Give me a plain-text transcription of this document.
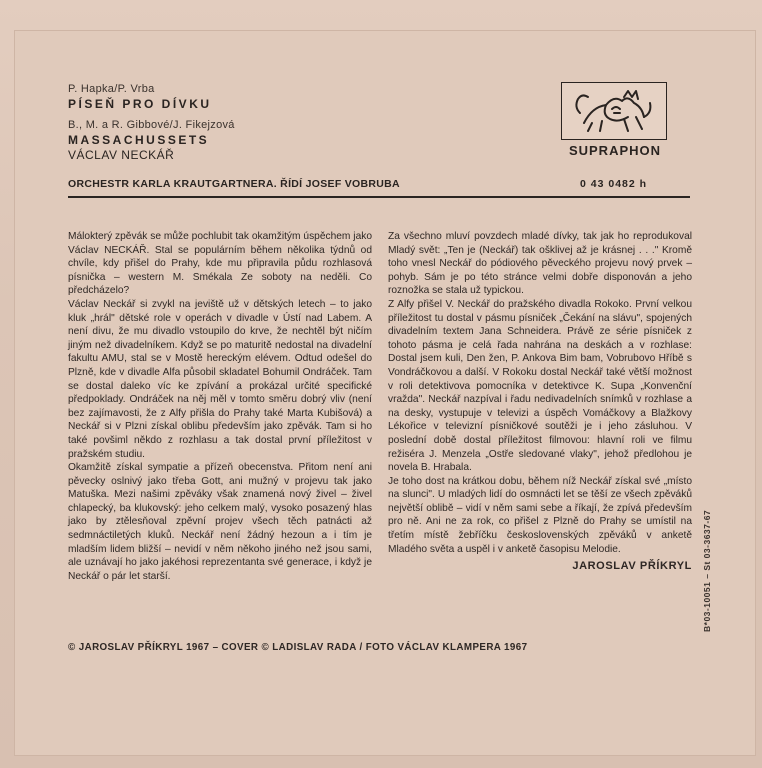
P. Hapka/P. Vrba
PÍSEŇ PRO DÍVKU
B., M. a R. Gibbové/J. Fikejzová
MASSACHUSSETS
VÁCLAV NECKÁŘ	SUPRAPHON
ORCHESTR KARLA KRAUTGARTNERA. ŘÍDÍ JOSEF VOBRUBA	0 43 0482 h

Málokterý zpěvák se může pochlubit tak okamžitým úspěchem jako Václav NECKÁŘ. Stal se populárním během několika týdnů od chvíle, kdy přišel do Prahy, kde mu připravila půdu rozhlasová písnička – western M. Smékala Ze soboty na neděli. Co předcházelo?

Václav Neckář si zvykl na jeviště už v dětských letech – to jako kluk „hrál" dětské role v operách v divadle v Ústí nad Labem. A není divu, že mu divadlo vstoupilo do krve, že nechtěl být ničím jiným než divadelníkem. Když se po maturitě nedostal na divadelní fakultu AMU, stal se v Mostě hereckým elévem. Odtud odešel do Plzně, kde v divadle Alfa působil skladatel Bohumil Ondráček. Tam se dostal daleko víc ke zpívání a prokázal určité specifické předpoklady. Ondráček na něj měl v tomto směru dobrý vliv (není bez zajímavosti, že z Alfy přišla do Prahy také Marta Kubišová) a Neckář si v Plzni získal oblibu především jako zpěvák. Tam si ho také povšiml někdo z rozhlasu a tak dostal první příležitost v pražském studiu.

Okamžitě získal sympatie a přízeň obecenstva. Přitom není ani pěvecky oslnivý jako třeba Gott, ani mužný v projevu tak jako Matuška. Mezi našimi zpěváky však znamená nový živel – živel chlapecký, ba klukovský: jeho celkem malý, vysoko posazený hlas jako by ztělesňoval zpěvní projev všech těch patnácti až sedmnáctiletých kluků. Neckář není žádný hezoun a i tím je mladším lidem bližší – nevidí v něm někoho jiného než jsou sami, ale uznávají ho jako jakéhosi reprezentanta své generace, i když je Neckář o pár let starší.

Za všechno mluví povzdech mladé dívky, tak jak ho reprodukoval Mladý svět: „Ten je (Neckář) tak ošklivej až je krásnej . . ." Kromě toho vnesl Neckář do pódiového pěveckého projevu nový prvek – pohyb. Sám je po této stránce velmi dobře disponován a jeho roznožka se stala už typickou.

Z Alfy přišel V. Neckář do pražského divadla Rokoko. První velkou příležitost tu dostal v pásmu písniček „Čekání na slávu", spojených divadelním textem Jana Schneidera. Právě ze série písniček z tohoto pásma je celá řada nahrána na deskách a v rozhlase: Dostal jsem kuli, Den žen, P. Ankova Bim bam, Vobrubovo Hříbě s Vondráčkovou a další. V Rokoku dostal Neckář také větší možnost v roli detektivova pomocníka v detektivce K. Supa „Konvenční vražda". Neckář nazpíval i řadu nedivadelních snímků v rozhlase a na desky, vystupuje v televizi a úspěch Vomáčkovy a Blažkovy Lékořice v televizní písničkové soutěži je i jeho zásluhou. V poslední době dostal příležitost filmovou: hlavní roli ve filmu režiséra J. Menzela „Ostře sledované vlaky", jehož předlohou je novela B. Hrabala.

Je toho dost na krátkou dobu, během níž Neckář získal své „místo na slunci". U mladých lidí do osmnácti let se těší ze všech zpěváků největší oblibě – vidí v něm sami sebe a říkají, že zpívá především pro ně. Ani ne za rok, co přišel z Plzně do Prahy se umístil na třetím místě žebříčku československých zpěváků v anketě Mladého světa a uspěl i v anketě časopisu Melodie.

JAROSLAV PŘÍKRYL
© JAROSLAV PŘÍKRYL 1967 – COVER © LADISLAV RADA / FOTO VÁCLAV KLAMPERA 1967
B*03-10051 – St 03-3637-67
